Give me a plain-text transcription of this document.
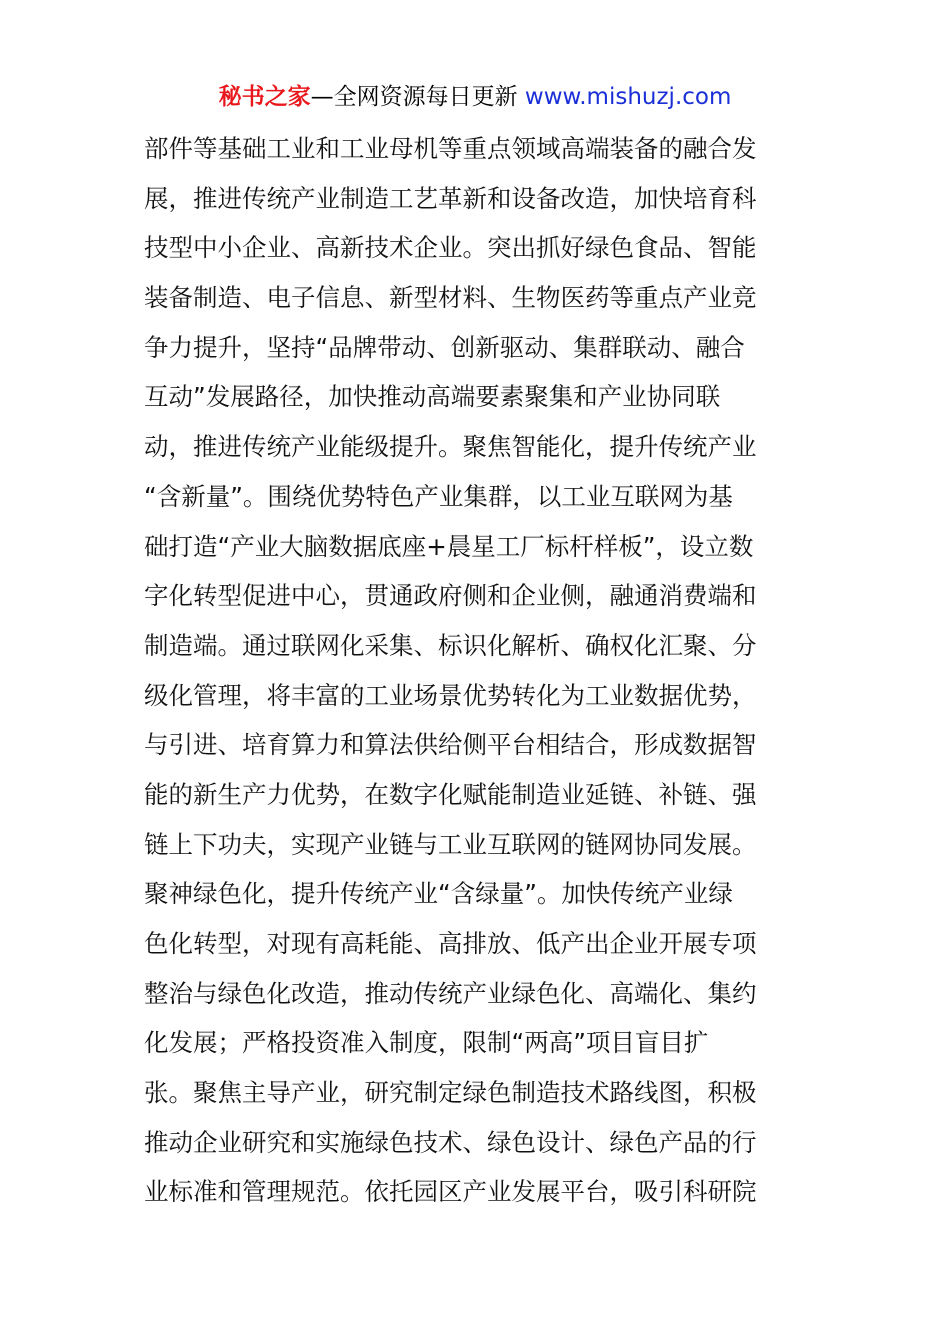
秘书之家—全网资源每日更新 www.mishuzj.com
部件等基础工业和工业母机等重点领域高端装备的融合发
展，推进传统产业制造工艺革新和设备改造，加快培育科
技型中小企业、高新技术企业。突出抓好绿色食品、智能
装备制造、电子信息、新型材料、生物医药等重点产业竞
争力提升，坚持“品牌带动、创新驱动、集群联动、融合
互动”发展路径，加快推动高端要素聚集和产业协同联
动，推进传统产业能级提升。聚焦智能化，提升传统产业
“含新量”。围绕优势特色产业集群，以工业互联网为基
础打造“产业大脑数据底座+晨星工厂标杆样板”，设立数
字化转型促进中心，贯通政府侧和企业侧，融通消费端和
制造端。通过联网化采集、标识化解析、确权化汇聚、分
级化管理，将丰富的工业场景优势转化为工业数据优势，
与引进、培育算力和算法供给侧平台相结合，形成数据智
能的新生产力优势，在数字化赋能制造业延链、补链、强
链上下功夫，实现产业链与工业互联网的链网协同发展。
聚神绿色化，提升传统产业“含绿量”。加快传统产业绿
色化转型，对现有高耗能、高排放、低产出企业开展专项
整治与绿色化改造，推动传统产业绿色化、高端化、集约
化发展；严格投资准入制度，限制“两高”项目盲目扩
张。聚焦主导产业，研究制定绿色制造技术路线图，积极
推动企业研究和实施绿色技术、绿色设计、绿色产品的行
业标准和管理规范。依托园区产业发展平台，吸引科研院
